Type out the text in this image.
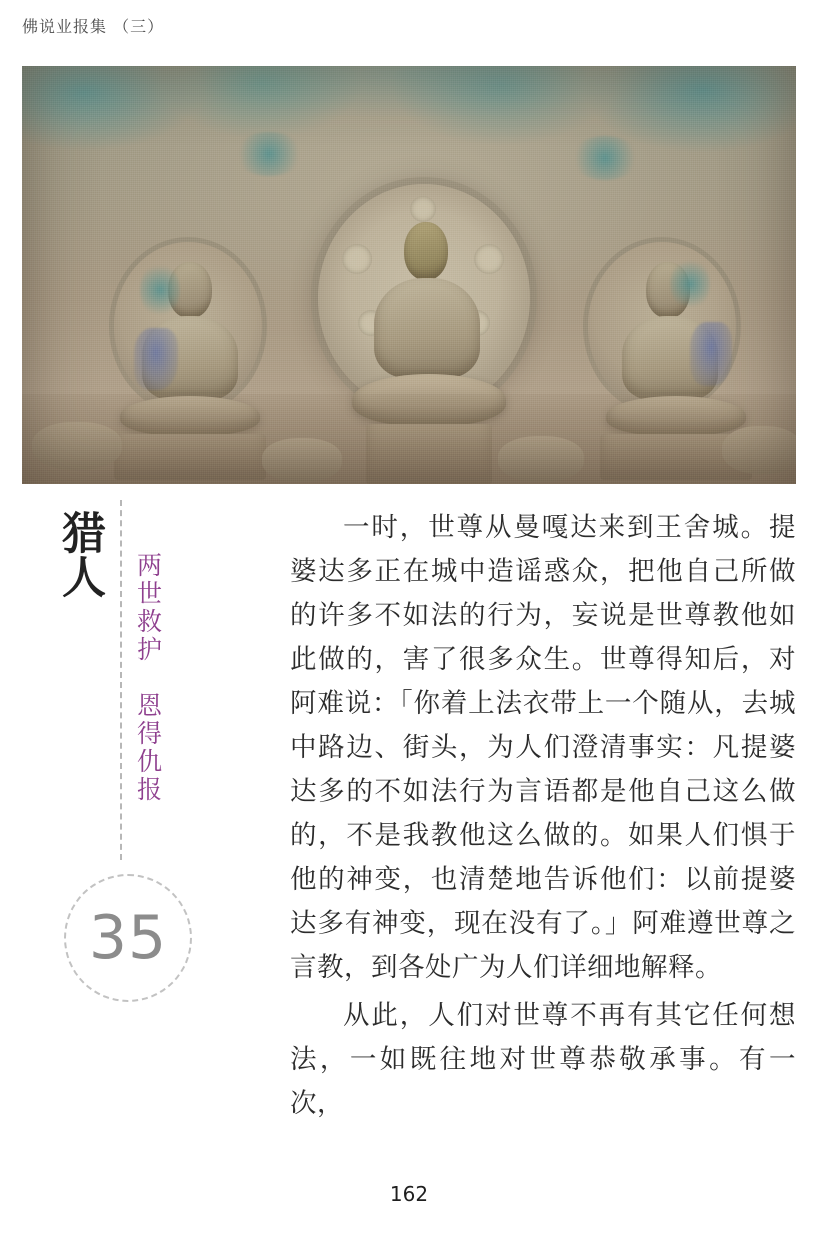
佛说业报集 （三）
猎人 两世救护　恩得仇报
35

一时，世尊从曼嘎达来到王舍城。提婆达多正在城中造谣惑众，把他自己所做的许多不如法的行为，妄说是世尊教他如此做的，害了很多众生。世尊得知后，对阿难说：「你着上法衣带上一个随从，去城中路边、街头，为人们澄清事实：凡提婆达多的不如法行为言语都是他自己这么做的，不是我教他这么做的。如果人们惧于他的神变，也清楚地告诉他们：以前提婆达多有神变，现在没有了。」阿难遵世尊之言教，到各处广为人们详细地解释。

从此，人们对世尊不再有其它任何想法，一如既往地对世尊恭敬承事。有一次，

162
